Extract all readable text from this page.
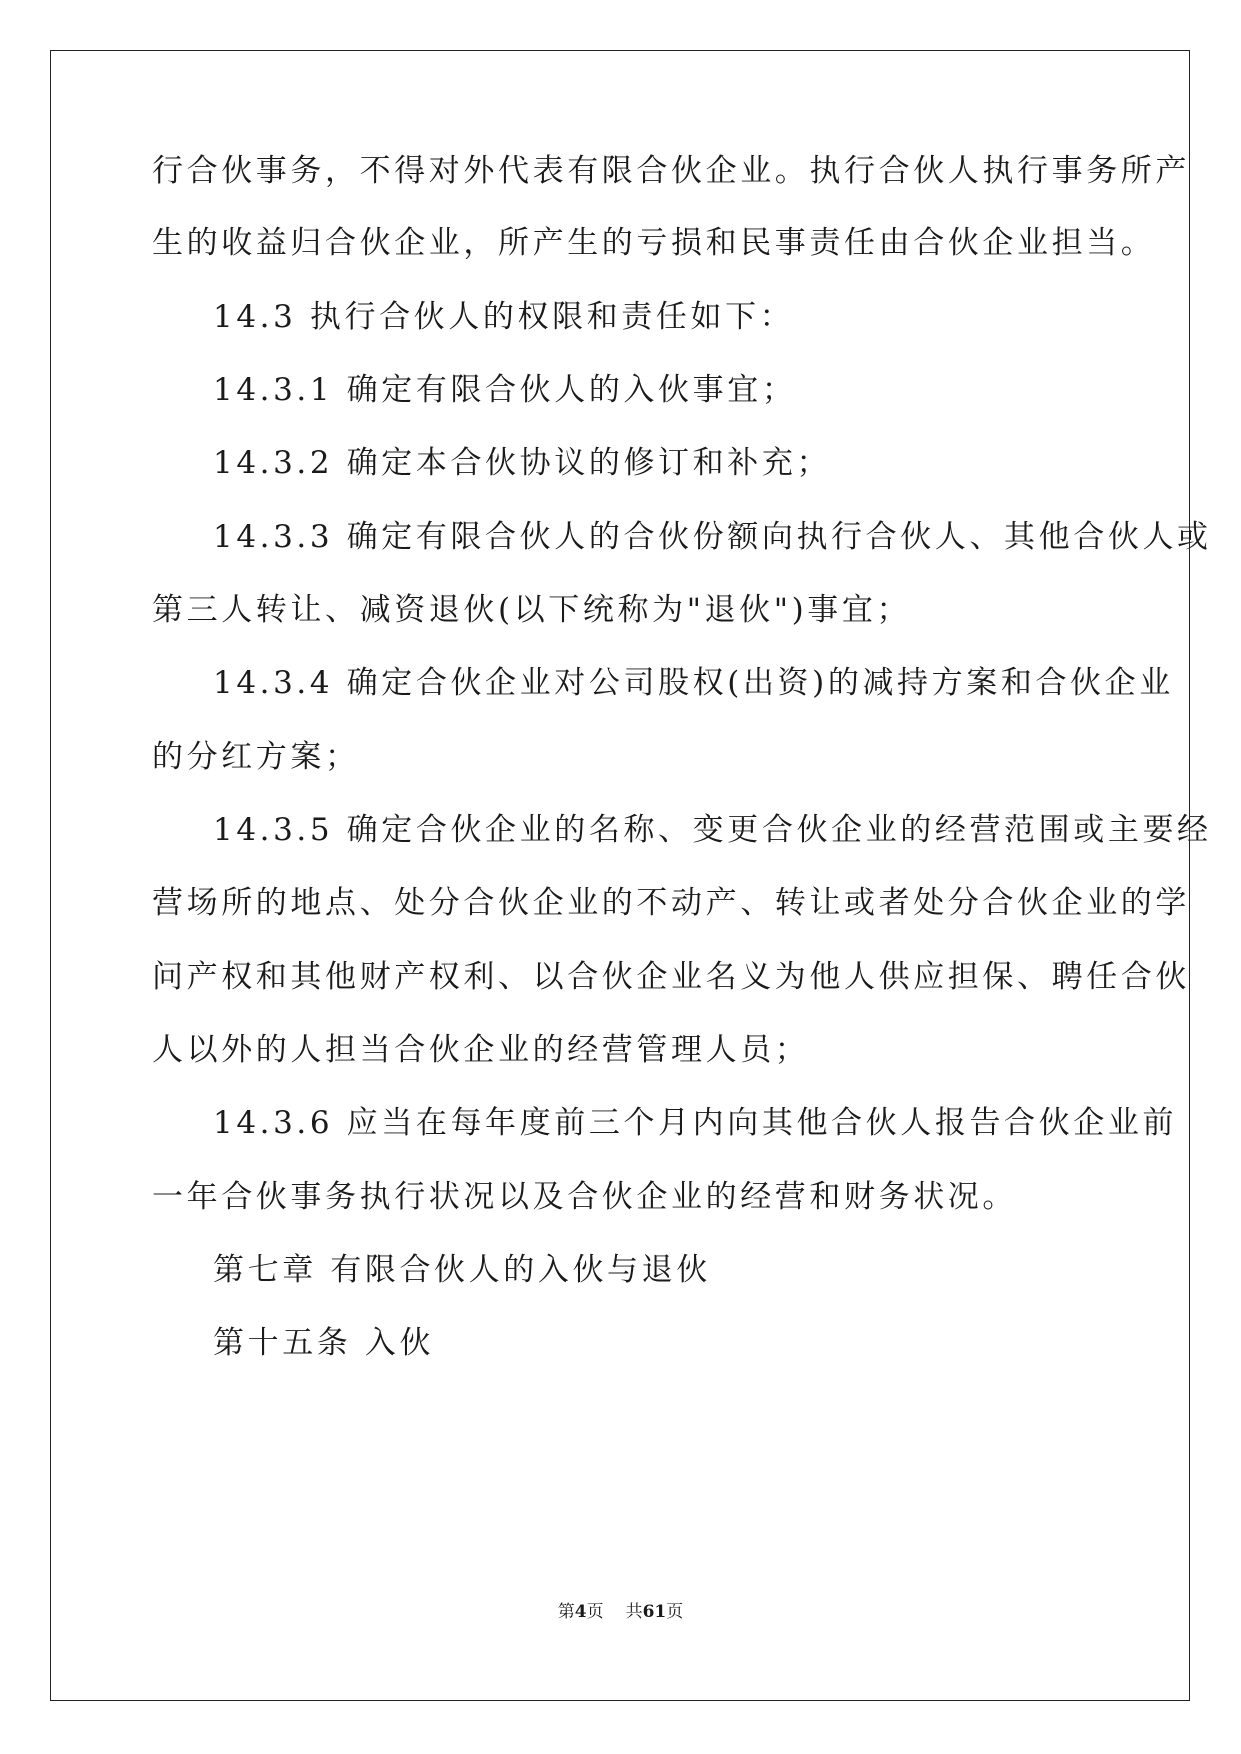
行合伙事务，不得对外代表有限合伙企业。执行合伙人执行事务所产
生的收益归合伙企业，所产生的亏损和民事责任由合伙企业担当。
14.3 执行合伙人的权限和责任如下：
14.3.1 确定有限合伙人的入伙事宜；
14.3.2 确定本合伙协议的修订和补充；
14.3.3 确定有限合伙人的合伙份额向执行合伙人、其他合伙人或
第三人转让、减资退伙(以下统称为"退伙")事宜；
14.3.4 确定合伙企业对公司股权(出资)的减持方案和合伙企业
的分红方案；
14.3.5 确定合伙企业的名称、变更合伙企业的经营范围或主要经
营场所的地点、处分合伙企业的不动产、转让或者处分合伙企业的学
问产权和其他财产权利、以合伙企业名义为他人供应担保、聘任合伙
人以外的人担当合伙企业的经营管理人员；
14.3.6 应当在每年度前三个月内向其他合伙人报告合伙企业前
一年合伙事务执行状况以及合伙企业的经营和财务状况。
第七章 有限合伙人的入伙与退伙
第十五条 入伙
第4页 共61页
